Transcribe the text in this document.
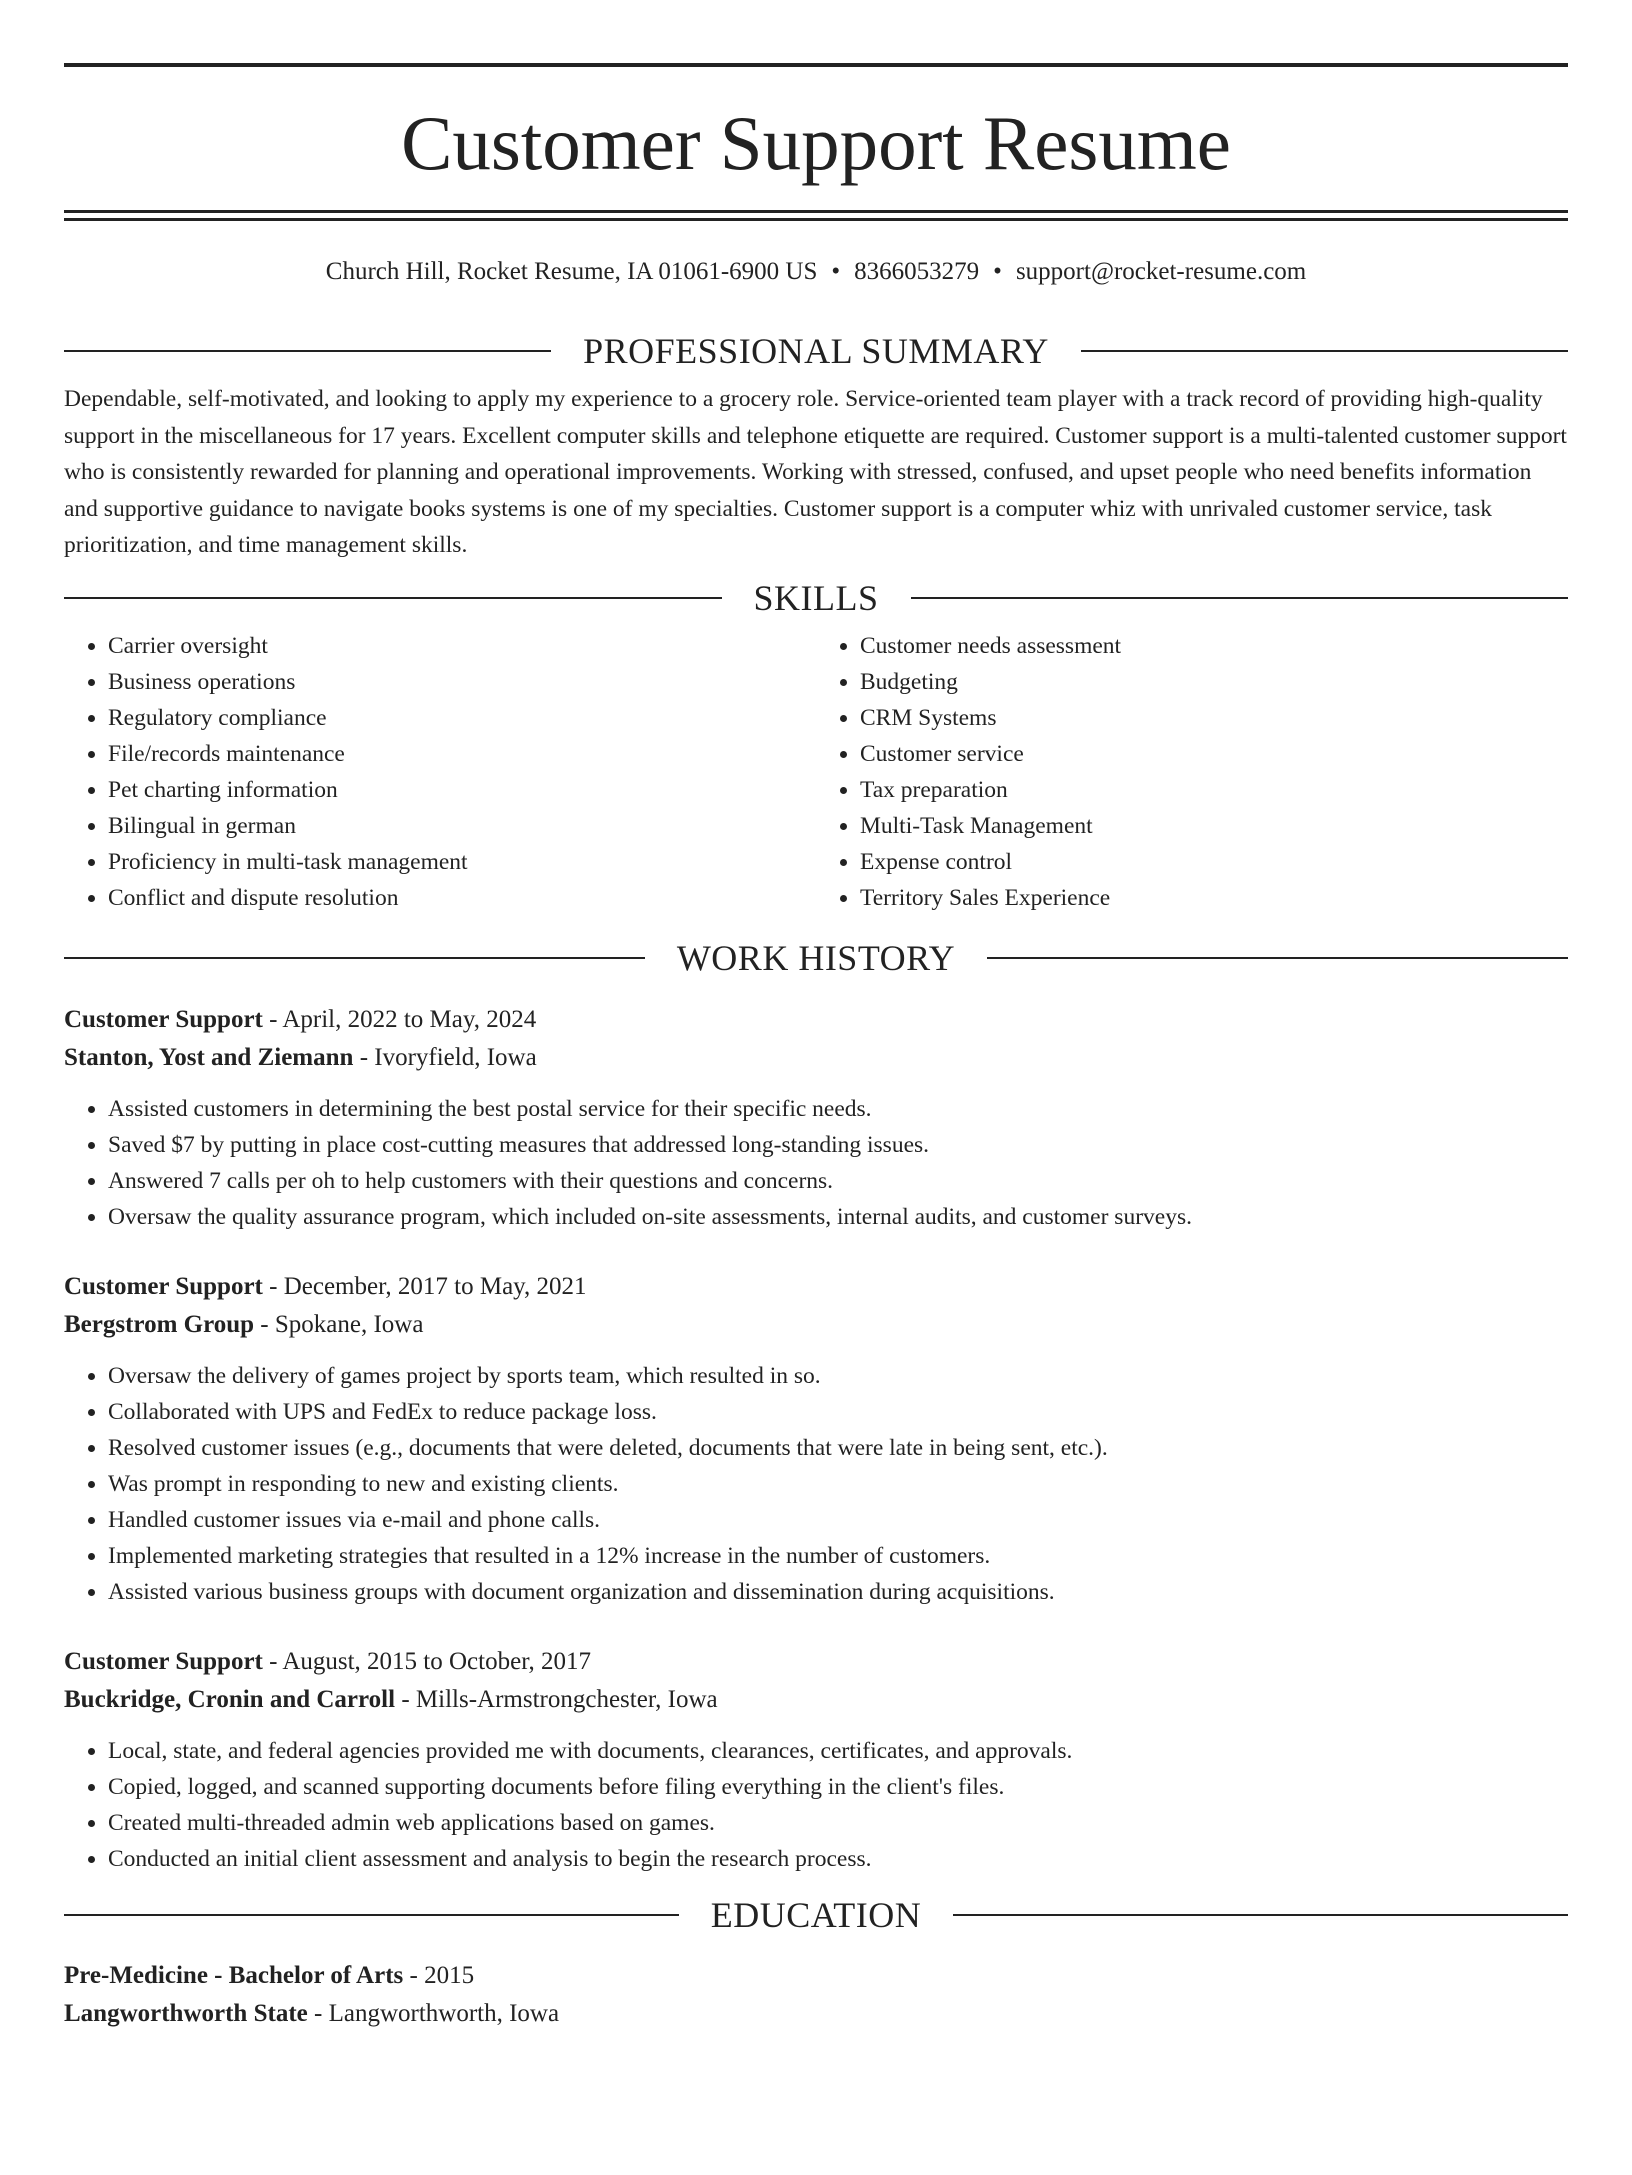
Customer Support Resume
Church Hill, Rocket Resume, IA 01061-6900 US • 8366053279 • support@rocket-resume.com
PROFESSIONAL SUMMARY

Dependable, self-motivated, and looking to apply my experience to a grocery role. Service-oriented team player with a track record of providing high-quality support in the miscellaneous for 17 years. Excellent computer skills and telephone etiquette are required. Customer support is a multi-talented customer support who is consistently rewarded for planning and operational improvements. Working with stressed, confused, and upset people who need benefits information and supportive guidance to navigate books systems is one of my specialties. Customer support is a computer whiz with unrivaled customer service, task prioritization, and time management skills.

SKILLS
• Carrier oversight
• Business operations
• Regulatory compliance
• File/records maintenance
• Pet charting information
• Bilingual in german
• Proficiency in multi-task management
• Conflict and dispute resolution
• Customer needs assessment
• Budgeting
• CRM Systems
• Customer service
• Tax preparation
• Multi-Task Management
• Expense control
• Territory Sales Experience
WORK HISTORY
Customer Support - April, 2022 to May, 2024
Stanton, Yost and Ziemann - Ivoryfield, Iowa
• Assisted customers in determining the best postal service for their specific needs.
• Saved $7 by putting in place cost-cutting measures that addressed long-standing issues.
• Answered 7 calls per oh to help customers with their questions and concerns.
• Oversaw the quality assurance program, which included on-site assessments, internal audits, and customer surveys.
Customer Support - December, 2017 to May, 2021
Bergstrom Group - Spokane, Iowa
• Oversaw the delivery of games project by sports team, which resulted in so.
• Collaborated with UPS and FedEx to reduce package loss.
• Resolved customer issues (e.g., documents that were deleted, documents that were late in being sent, etc.).
• Was prompt in responding to new and existing clients.
• Handled customer issues via e-mail and phone calls.
• Implemented marketing strategies that resulted in a 12% increase in the number of customers.
• Assisted various business groups with document organization and dissemination during acquisitions.
Customer Support - August, 2015 to October, 2017
Buckridge, Cronin and Carroll - Mills-Armstrongchester, Iowa
• Local, state, and federal agencies provided me with documents, clearances, certificates, and approvals.
• Copied, logged, and scanned supporting documents before filing everything in the client's files.
• Created multi-threaded admin web applications based on games.
• Conducted an initial client assessment and analysis to begin the research process.
EDUCATION
Pre-Medicine - Bachelor of Arts - 2015
Langworthworth State - Langworthworth, Iowa
